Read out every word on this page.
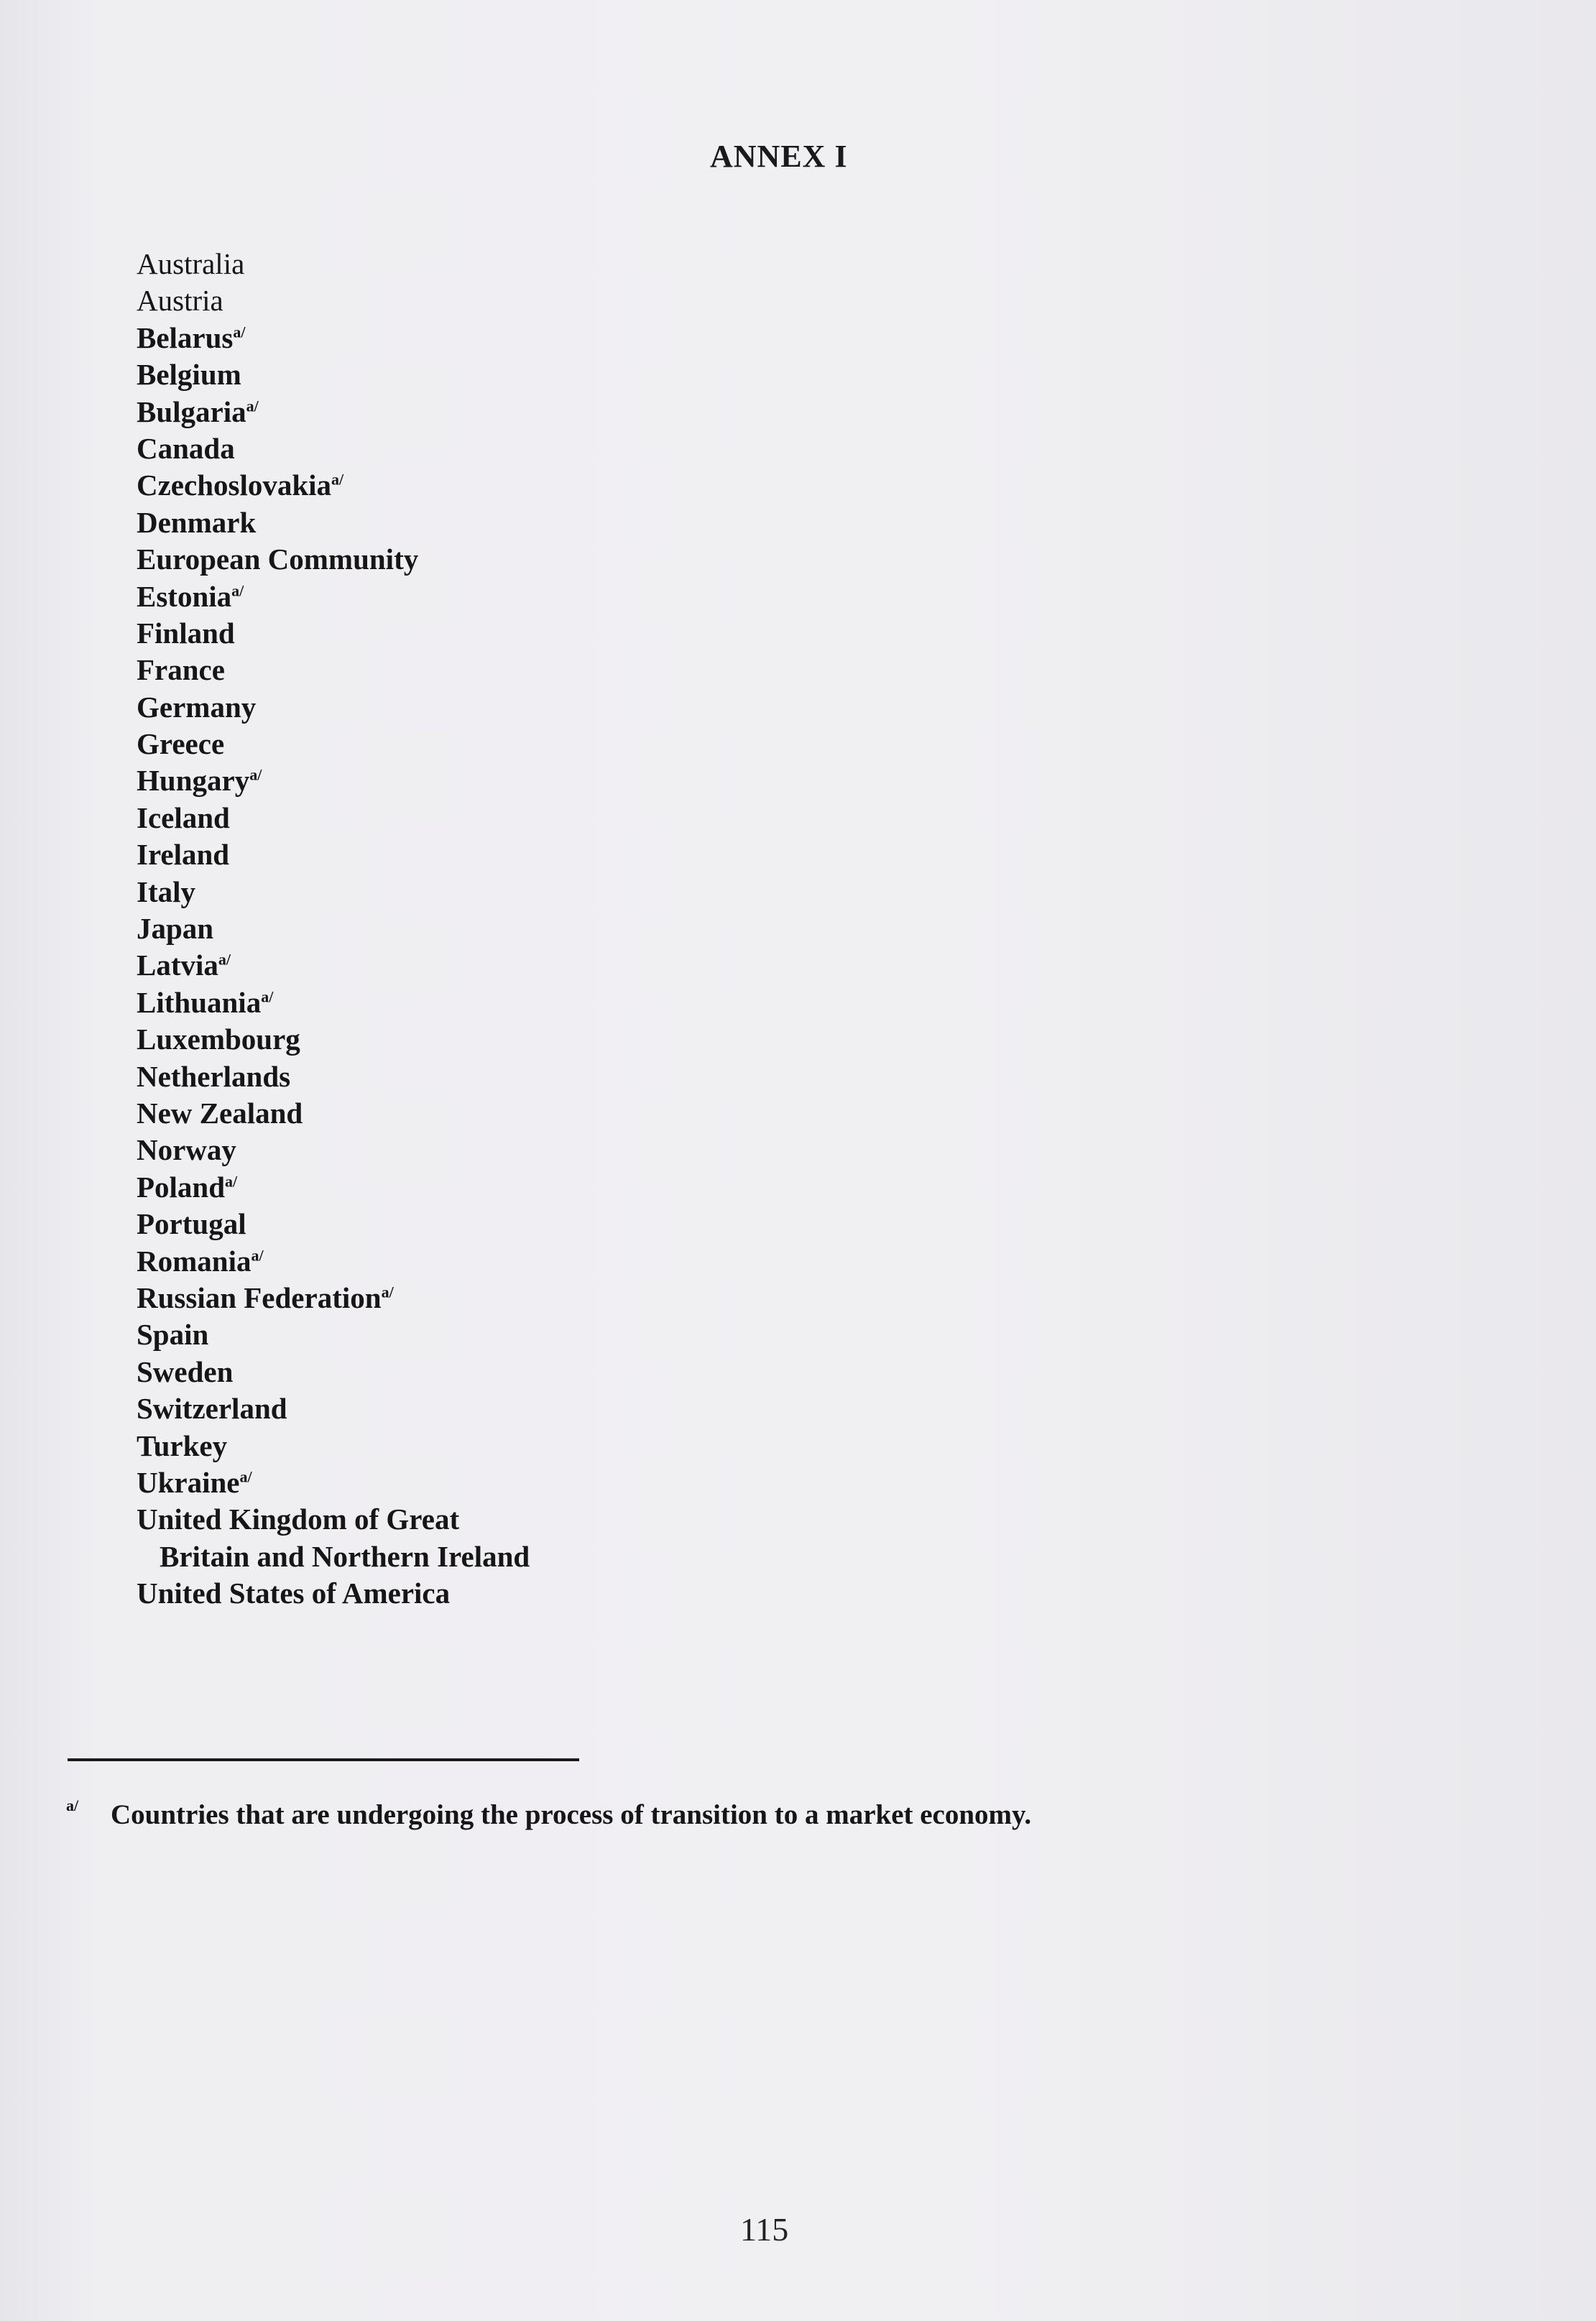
ANNEX I
Australia
Austria
Belarus$^{a/}$
Belgium
Bulgaria$^{a/}$
Canada
Czechoslovakia$^{a/}$
Denmark
European Community
Estonia$^{a/}$
Finland
France
Germany
Greece
Hungary$^{a/}$
Iceland
Ireland
Italy
Japan
Latvia$^{a/}$
Lithuania$^{a/}$
Luxembourg
Netherlands
New Zealand
Norway
Poland$^{a/}$
Portugal
Romania$^{a/}$
Russian Federation$^{a/}$
Spain
Sweden
Switzerland
Turkey
Ukraine$^{a/}$
United Kingdom of Great
Britain and Northern Ireland
United States of America
a/ Countries that are undergoing the process of transition to a market economy.
115
